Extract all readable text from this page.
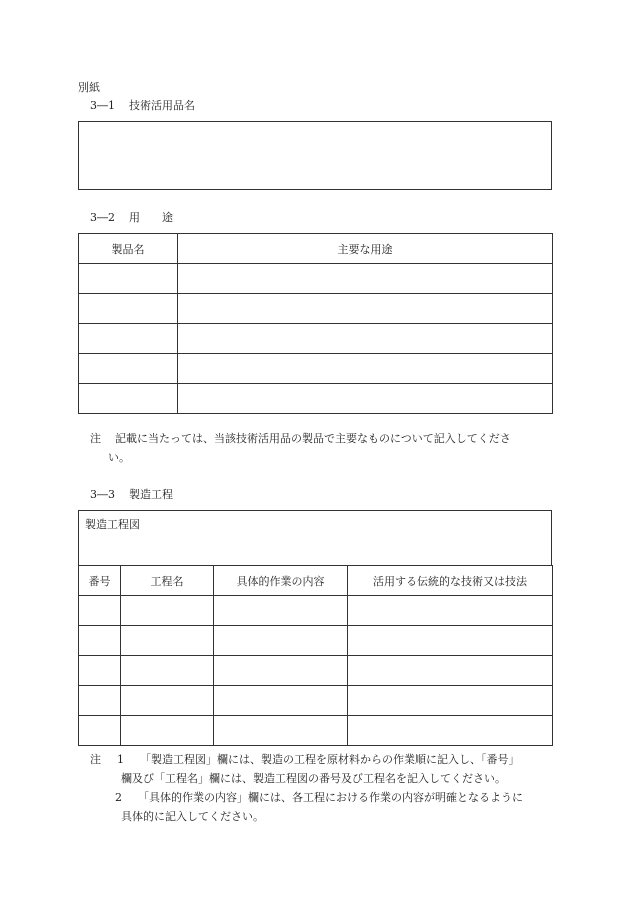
別紙
3―1 技術活用品名
3―2 用 途
製品名	主要な用途

注 記載に当たっては、当該技術活用品の製品で主要なものについて記入してくださ
い。
3―3 製造工程
製造工程図
番号	工程名	具体的作業の内容	活用する伝統的な技術又は技法

注 1 「製造工程図」欄には、製造の工程を原材料からの作業順に記入し、「番号」
欄及び「工程名」欄には、製造工程図の番号及び工程名を記入してください。
2 「具体的作業の内容」欄には、各工程における作業の内容が明確となるように
具体的に記入してください。
